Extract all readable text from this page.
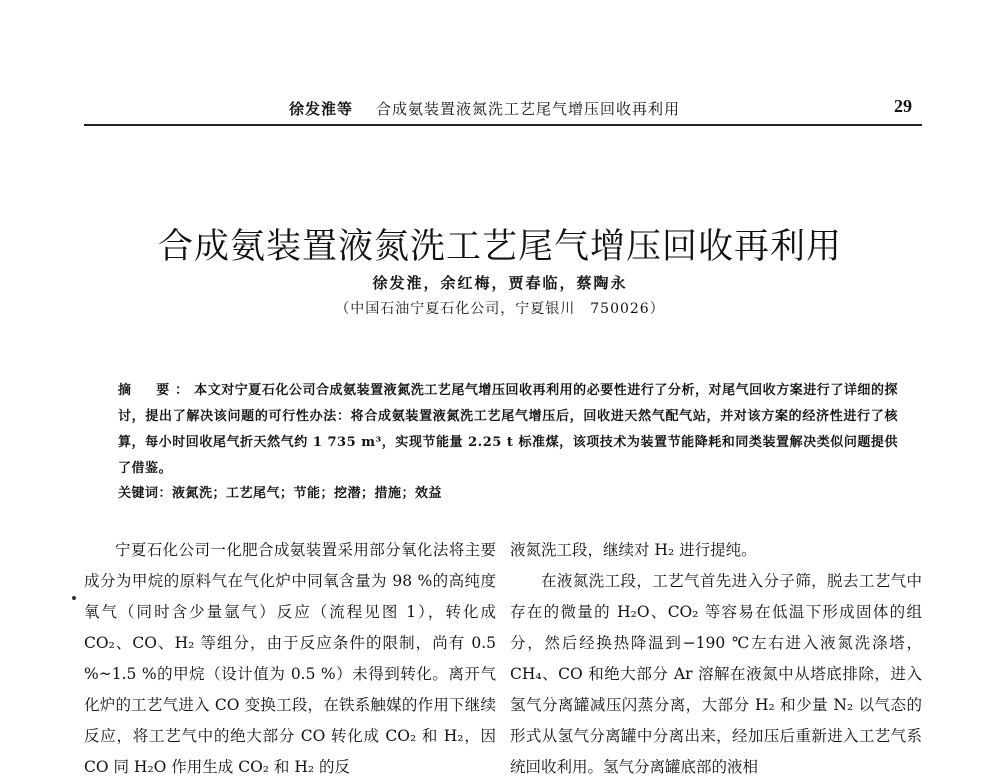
徐发淮等 合成氨装置液氮洗工艺尾气增压回收再利用	29
合成氨装置液氮洗工艺尾气增压回收再利用
徐发淮，余红梅，贾春临，蔡陶永
（中国石油宁夏石化公司，宁夏银川　750026）
摘　要：本文对宁夏石化公司合成氨装置液氮洗工艺尾气增压回收再利用的必要性进行了分析，对尾气回收方案进行了详细的探讨，提出了解决该问题的可行性办法：将合成氨装置液氮洗工艺尾气增压后，回收进天然气配气站，并对该方案的经济性进行了核算，每小时回收尾气折天然气约 1 735 m³，实现节能量 2.25 t 标准煤，该项技术为装置节能降耗和同类装置解决类似问题提供了借鉴。
关键词：液氮洗；工艺尾气；节能；挖潜；措施；效益

宁夏石化公司一化肥合成氨装置采用部分氧化法将主要成分为甲烷的原料气在气化炉中同氧含量为 98 %的高纯度氧气（同时含少量氩气）反应（流程见图 1），转化成 CO₂、CO、H₂ 等组分，由于反应条件的限制，尚有 0.5 %~1.5 %的甲烷（设计值为 0.5 %）未得到转化。离开气化炉的工艺气进入 CO 变换工段，在铁系触媒的作用下继续反应，将工艺气中的绝大部分 CO 转化成 CO₂ 和 H₂，因 CO 同 H₂O 作用生成 CO₂ 和 H₂ 的反

液氮洗工段，继续对 H₂ 进行提纯。

在液氮洗工段，工艺气首先进入分子筛，脱去工艺气中存在的微量的 H₂O、CO₂ 等容易在低温下形成固体的组分，然后经换热降温到−190 ℃左右进入液氮洗涤塔，CH₄、CO 和绝大部分 Ar 溶解在液氮中从塔底排除，进入氢气分离罐减压闪蒸分离，大部分 H₂ 和少量 N₂ 以气态的形式从氢气分离罐中分离出来，经加压后重新进入工艺气系统回收利用。氢气分离罐底部的液相
